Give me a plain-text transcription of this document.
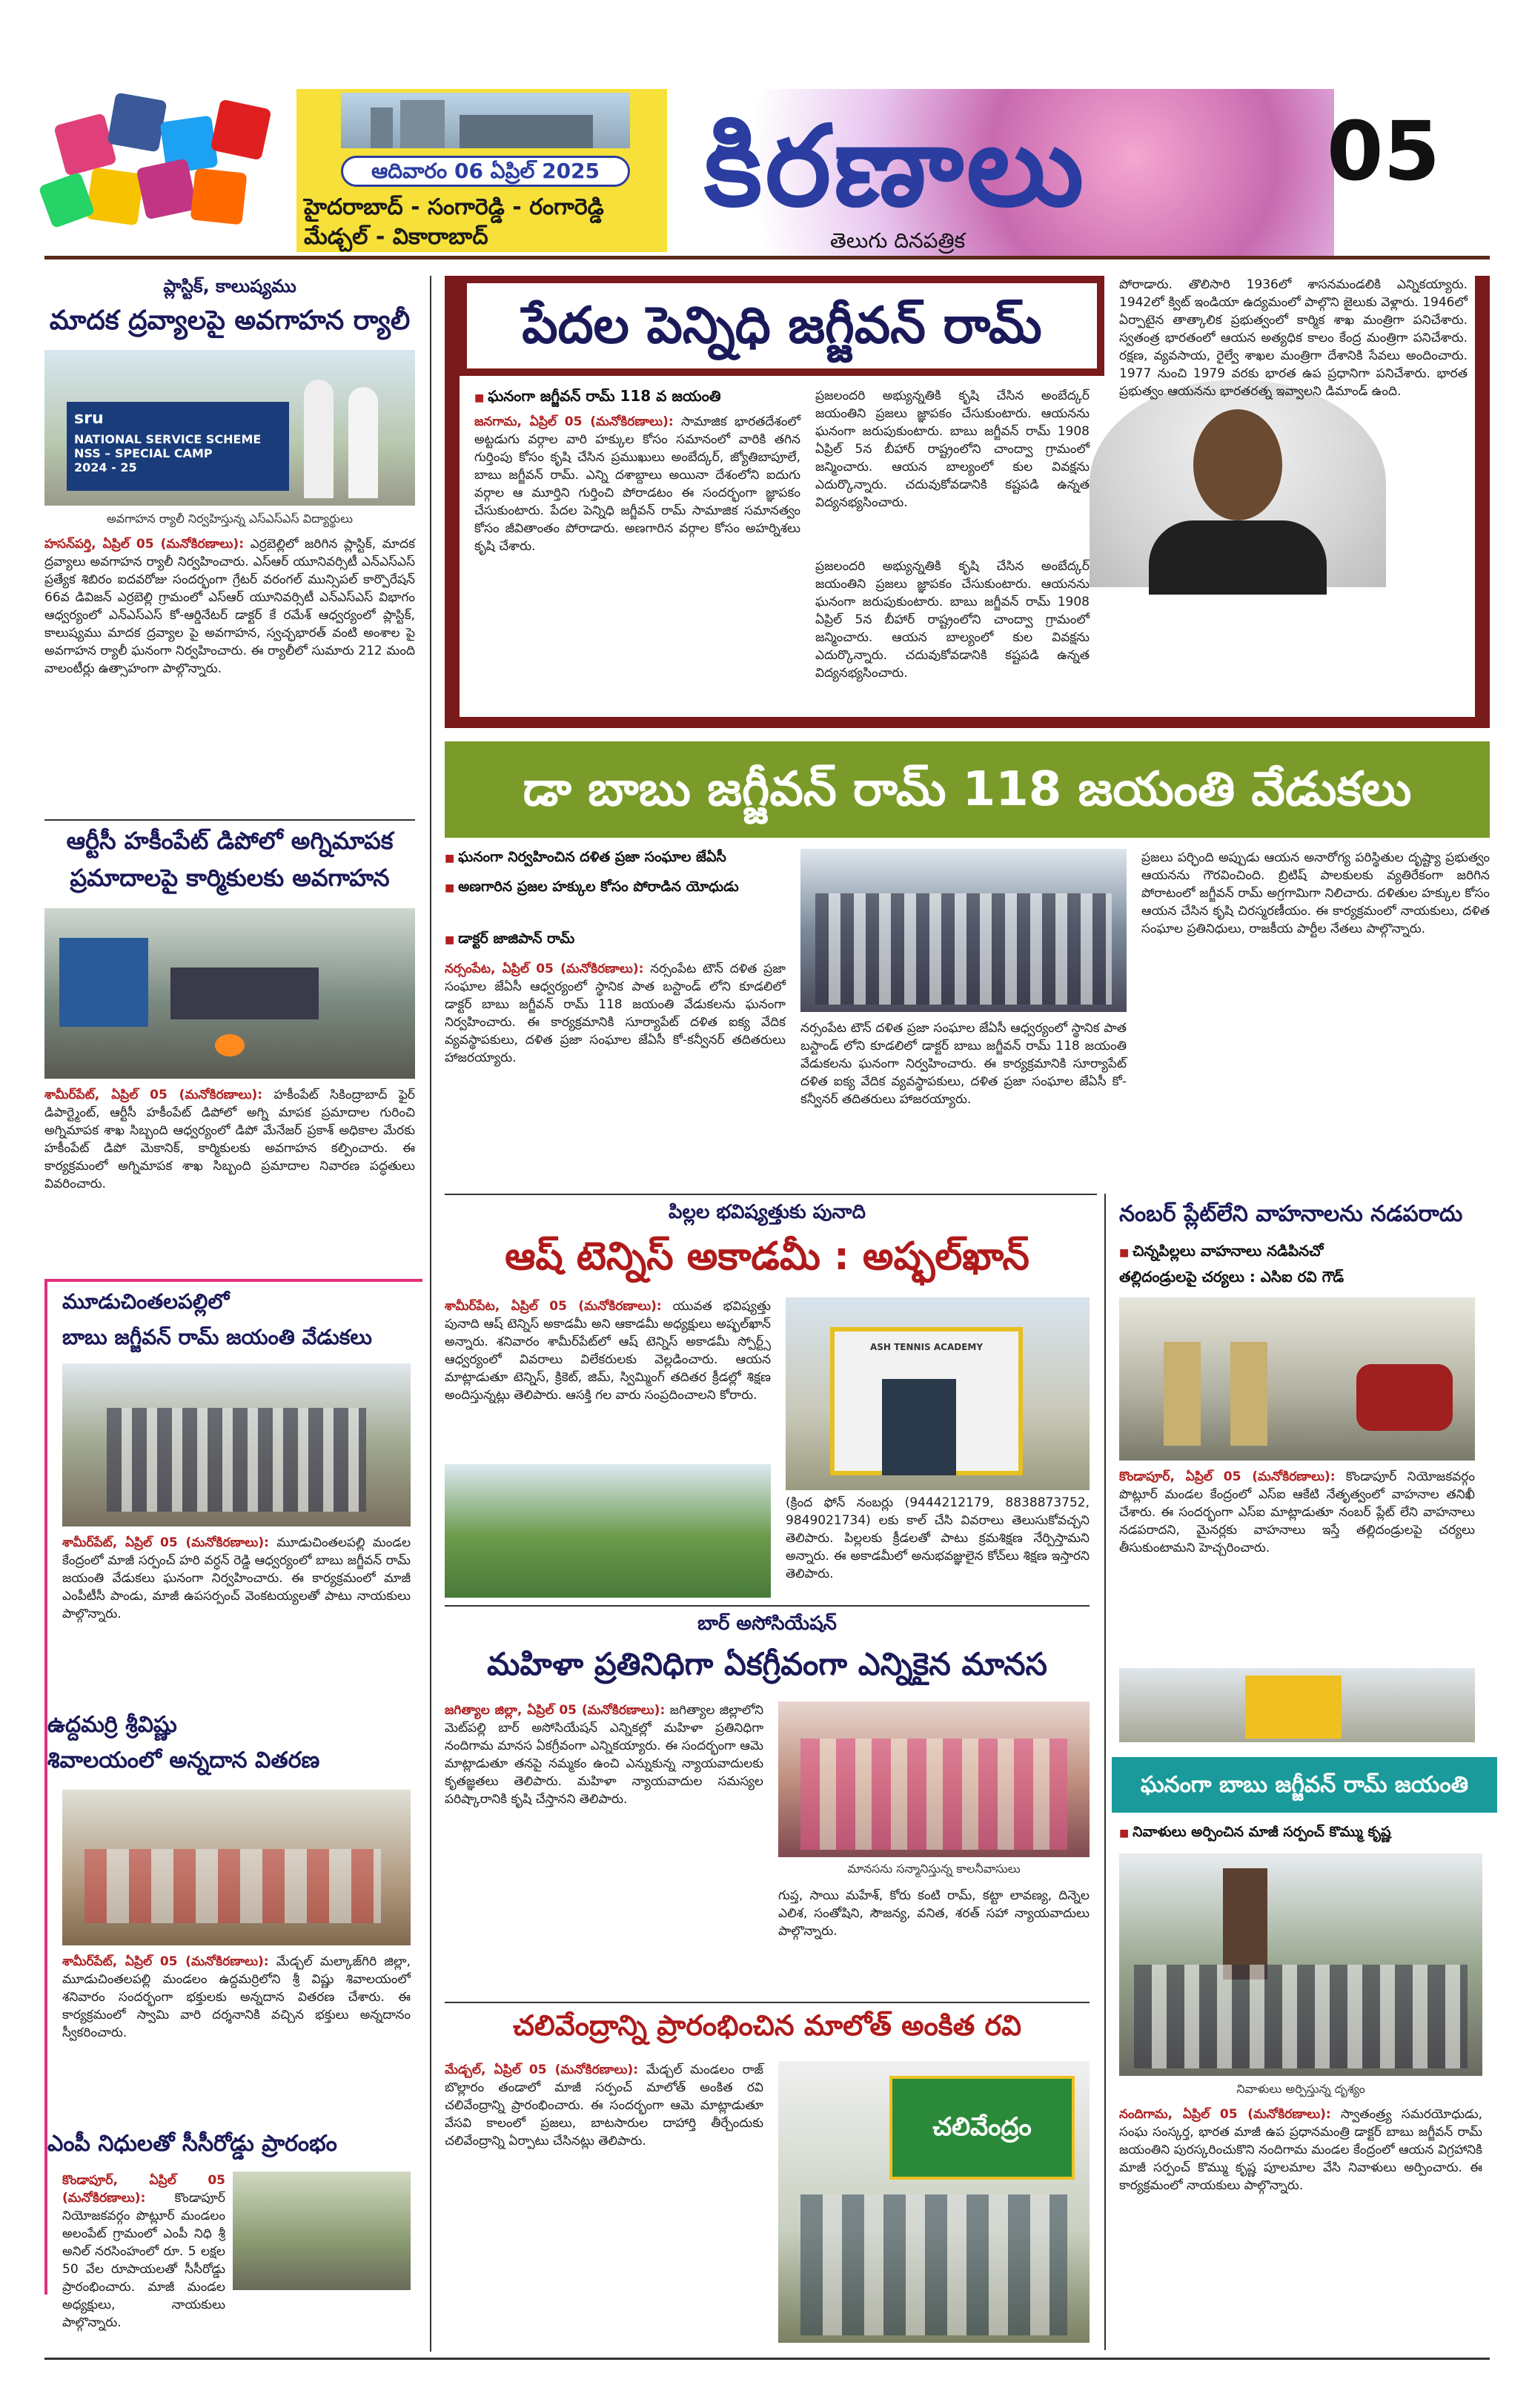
ఆదివారం 06 ఏప్రిల్ 2025
హైదరాబాద్ - సంగారెడ్డి - రంగారెడ్డి
మేడ్చల్ - వికారాబాద్
కిరణాలు
తెలుగు దినపత్రిక
05
ప్లాస్టిక్, కాలుష్యము
మాదక ద్రవ్యాలపై అవగాహన ర్యాలీ
sru
NATIONAL SERVICE SCHEME
NSS – SPECIAL CAMP
2024 - 25
అవగాహన ర్యాలీ నిర్వహిస్తున్న ఎస్ఎస్ఎస్ విద్యార్థులు
హసన్‌పర్తి, ఏప్రిల్ 05 (మనోకిరణాలు): ఎర్రబెల్లిలో జరిగిన ప్లాస్టిక్, మాదక ద్రవ్యాలు అవగాహన ర్యాలీ నిర్వహించారు. ఎస్ఆర్ యూనివర్సిటీ ఎన్ఎస్ఎస్ ప్రత్యేక శిబిరం ఐదవరోజు సందర్భంగా గ్రేటర్ వరంగల్ మున్సిపల్ కార్పొరేషన్ 66వ డివిజన్ ఎర్రబెల్లి గ్రామంలో ఎస్ఆర్ యూనివర్సిటీ ఎన్ఎస్ఎస్ విభాగం ఆధ్వర్యంలో ఎన్ఎస్ఎస్ కో-ఆర్డినేటర్ డాక్టర్ కే రమేశ్ ఆధ్వర్యంలో ప్లాస్టిక్, కాలుష్యము మాదక ద్రవ్యాల పై అవగాహన, స్వచ్ఛభారత్ వంటి అంశాల పై అవగాహన ర్యాలీ ఘనంగా నిర్వహించారు. ఈ ర్యాలీలో సుమారు 212 మంది వాలంటీర్లు ఉత్సాహంగా పాల్గొన్నారు.
ఆర్టీసీ హకీంపేట్ డిపోలో అగ్నిమాపక
ప్రమాదాలపై కార్మికులకు అవగాహన
శామీర్‌పేట్, ఏప్రిల్ 05 (మనోకిరణాలు): హకీంపేట్ సికింద్రాబాద్ ఫైర్ డిపార్ట్మెంట్, ఆర్టీసీ హకీంపేట్ డిపోలో అగ్ని మాపక ప్రమాదాల గురించి అగ్నిమాపక శాఖ సిబ్బంది ఆధ్వర్యంలో డిపో మేనేజర్ ప్రకాశ్ అధికాల మేరకు హకీంపేట్ డిపో మెకానిక్, కార్మికులకు అవగాహన కల్పించారు. ఈ కార్యక్రమంలో అగ్నిమాపక శాఖ సిబ్బంది ప్రమాదాల నివారణ పద్ధతులు వివరించారు.
మూడుచింతలపల్లిలో
బాబు జగ్జీవన్ రామ్ జయంతి వేడుకలు
శామీర్‌పేట్, ఏప్రిల్ 05 (మనోకిరణాలు): మూడుచింతలపల్లి మండల కేంద్రంలో మాజీ సర్పంచ్ హరి వర్ధన్ రెడ్డి ఆధ్వర్యంలో బాబు జగ్జీవన్ రామ్ జయంతి వేడుకలు ఘనంగా నిర్వహించారు. ఈ కార్యక్రమంలో మాజీ ఎంపీటీసీ పాండు, మాజీ ఉపసర్పంచ్ వెంకటయ్యలతో పాటు నాయకులు పాల్గొన్నారు.
ఉద్దమర్రి శ్రీవిష్ణు
శివాలయంలో అన్నదాన వితరణ
శామీర్‌పేట్, ఏప్రిల్ 05 (మనోకిరణాలు): మేడ్చల్ మల్కాజ్‌గిరి జిల్లా, మూడుచింతలపల్లి మండలం ఉద్దమర్రిలోని శ్రీ విష్ణు శివాలయంలో శనివారం సందర్భంగా భక్తులకు అన్నదాన వితరణ చేశారు. ఈ కార్యక్రమంలో స్వామి వారి దర్శనానికి వచ్చిన భక్తులు అన్నదానం స్వీకరించారు.
ఎంపీ నిధులతో సీసీరోడ్డు ప్రారంభం
కొండాపూర్, ఏప్రిల్ 05 (మనోకిరణాలు): కొండాపూర్ నియోజకవర్గం పొట్లూర్ మండలం అలంపేట్ గ్రామంలో ఎంపీ నిధి శ్రీ అనిల్ నరసింహంలో రూ. 5 లక్షల 50 వేల రూపాయలతో సీసీరోడ్డు ప్రారంభించారు. మాజీ మండల అధ్యక్షులు, నాయకులు పాల్గొన్నారు.
పేదల పెన్నిధి జగ్జీవన్ రామ్
■ ఘనంగా జగ్జీవన్ రామ్ 118 వ జయంతి
జనగామ, ఏప్రిల్ 05 (మనోకిరణాలు): సామాజిక భారతదేశంలో అట్టడుగు వర్గాల వారి హక్కుల కోసం సమానంలో వారికి తగిన గుర్తింపు కోసం కృషి చేసిన ప్రముఖులు అంబేద్కర్, జ్యోతిబాపూలే, బాబు జగ్జీవన్ రామ్. ఎన్ని దశాబ్దాలు అయినా దేశంలోని ఐదుగు వర్గాల ఆ మూర్తిని గుర్తించి పోరాడటం ఈ సందర్భంగా జ్ఞాపకం చేసుకుంటారు. పేదల పెన్నిధి జగ్జీవన్ రామ్ సామాజిక సమానత్వం కోసం జీవితాంతం పోరాడారు. అణగారిన వర్గాల కోసం అహర్నిశలు కృషి చేశారు.
ప్రజలందరి అభ్యున్నతికి కృషి చేసిన అంబేద్కర్ జయంతిని ప్రజలు జ్ఞాపకం చేసుకుంటారు. ఆయనను ఘనంగా జరుపుకుంటారు. బాబు జగ్జీవన్ రామ్ 1908 ఏప్రిల్ 5న బీహార్ రాష్ట్రంలోని చాంద్వా గ్రామంలో జన్మించారు. ఆయన బాల్యంలో కుల వివక్షను ఎదుర్కొన్నారు. చదువుకోవడానికి కష్టపడి ఉన్నత విద్యనభ్యసించారు.
ప్రజలందరి అభ్యున్నతికి కృషి చేసిన అంబేద్కర్ జయంతిని ప్రజలు జ్ఞాపకం చేసుకుంటారు. ఆయనను ఘనంగా జరుపుకుంటారు. బాబు జగ్జీవన్ రామ్ 1908 ఏప్రిల్ 5న బీహార్ రాష్ట్రంలోని చాంద్వా గ్రామంలో జన్మించారు. ఆయన బాల్యంలో కుల వివక్షను ఎదుర్కొన్నారు. చదువుకోవడానికి కష్టపడి ఉన్నత విద్యనభ్యసించారు.
పోరాడారు. తొలిసారి 1936లో శాసనమండలికి ఎన్నికయ్యారు. 1942లో క్విట్ ఇండియా ఉద్యమంలో పాల్గొని జైలుకు వెళ్లారు. 1946లో ఏర్పాటైన తాత్కాలిక ప్రభుత్వంలో కార్మిక శాఖ మంత్రిగా పనిచేశారు. స్వతంత్ర భారతంలో ఆయన అత్యధిక కాలం కేంద్ర మంత్రిగా పనిచేశారు. రక్షణ, వ్యవసాయ, రైల్వే శాఖల మంత్రిగా దేశానికి సేవలు అందించారు. 1977 నుంచి 1979 వరకు భారత ఉప ప్రధానిగా పనిచేశారు. భారత ప్రభుత్వం ఆయనను భారతరత్న ఇవ్వాలని డిమాండ్ ఉంది.
డా బాబు జగ్జీవన్ రామ్ 118 జయంతి వేడుకలు
■ ఘనంగా నిర్వహించిన దళిత ప్రజా సంఘాల జేఏసీ
■ అణగారిన ప్రజల హక్కుల కోసం పోరాడిన యోధుడు
■ డాక్టర్ జాజిపాన్ రామ్
నర్సంపేట, ఏప్రిల్ 05 (మనోకిరణాలు): నర్సంపేట టౌన్ దళిత ప్రజా సంఘాల జేఏసీ ఆధ్వర్యంలో స్థానిక పాత బస్టాండ్ లోని కూడలిలో డాక్టర్ బాబు జగ్జీవన్ రామ్ 118 జయంతి వేడుకలను ఘనంగా నిర్వహించారు. ఈ కార్యక్రమానికి సూర్యాపేట్ దళిత ఐక్య వేదిక వ్యవస్థాపకులు, దళిత ప్రజా సంఘాల జేఏసీ కో-కన్వీనర్ తదితరులు హాజరయ్యారు.
నర్సంపేట టౌన్ దళిత ప్రజా సంఘాల జేఏసీ ఆధ్వర్యంలో స్థానిక పాత బస్టాండ్ లోని కూడలిలో డాక్టర్ బాబు జగ్జీవన్ రామ్ 118 జయంతి వేడుకలను ఘనంగా నిర్వహించారు. ఈ కార్యక్రమానికి సూర్యాపేట్ దళిత ఐక్య వేదిక వ్యవస్థాపకులు, దళిత ప్రజా సంఘాల జేఏసీ కో-కన్వీనర్ తదితరులు హాజరయ్యారు.
ప్రజలు పర్ఛింది అప్పుడు ఆయన అనారోగ్య పరిస్థితుల దృష్ట్యా ప్రభుత్వం ఆయనను గౌరవించింది. బ్రిటిష్ పాలకులకు వ్యతిరేకంగా జరిగిన పోరాటంలో జగ్జీవన్ రామ్ అగ్రగామిగా నిలిచారు. దళితుల హక్కుల కోసం ఆయన చేసిన కృషి చిరస్మరణీయం. ఈ కార్యక్రమంలో నాయకులు, దళిత సంఘాల ప్రతినిధులు, రాజకీయ పార్టీల నేతలు పాల్గొన్నారు.
పిల్లల భవిష్యత్తుకు పునాది
ఆష్ టెన్నిస్ అకాడమీ : అష్ఫల్‌ఖాన్
శామీర్‌పేట, ఏప్రిల్ 05 (మనోకిరణాలు): యువత భవిష్యత్తు పునాది ఆష్ టెన్నిస్ అకాడమీ అని ఆకాడమీ అధ్యక్షులు అష్ఫల్‌ఖాన్ అన్నారు. శనివారం శామీర్‌పేట్‌లో ఆష్ టెన్నిస్ అకాడమీ స్పోర్ట్స్ ఆధ్వర్యంలో వివరాలు విలేకరులకు వెల్లడించారు. ఆయన మాట్లాడుతూ టెన్నిస్, క్రికెట్, జిమ్, స్విమ్మింగ్ తదితర క్రీడల్లో శిక్షణ అందిస్తున్నట్లు తెలిపారు. ఆసక్తి గల వారు సంప్రదించాలని కోరారు.
ASH TENNIS ACADEMY
(క్రింద ఫోన్ నంబర్లు (9444212179, 8838873752, 9849021734) లకు కాల్ చేసి వివరాలు తెలుసుకోవచ్చని తెలిపారు. పిల్లలకు క్రీడలతో పాటు క్రమశిక్షణ నేర్పిస్తామని అన్నారు. ఈ అకాడమీలో అనుభవజ్ఞులైన కోచ్‌లు శిక్షణ ఇస్తారని తెలిపారు.
బార్ అసోసియేషన్
మహిళా ప్రతినిధిగా ఏకగ్రీవంగా ఎన్నికైన మానస
జగిత్యాల జిల్లా, ఏప్రిల్ 05 (మనోకిరణాలు): జగిత్యాల జిల్లాలోని మెట్‌పల్లి బార్ అసోసియేషన్ ఎన్నికల్లో మహిళా ప్రతినిధిగా నందిగామ మానస ఏకగ్రీవంగా ఎన్నికయ్యారు. ఈ సందర్భంగా ఆమె మాట్లాడుతూ తనపై నమ్మకం ఉంచి ఎన్నుకున్న న్యాయవాదులకు కృతజ్ఞతలు తెలిపారు. మహిళా న్యాయవాదుల సమస్యల పరిష్కారానికి కృషి చేస్తానని తెలిపారు.
మానసను సన్మానిస్తున్న కాలనీవాసులు
గుప్త, సాయి మహేశ్, కోరు కంటి రామ్, కట్టా లావణ్య, దిన్నెల ఎలిశ, సంతోషిని, సౌజన్య, వనిత, శరత్ సహా న్యాయవాదులు పాల్గొన్నారు.
చలివేంద్రాన్ని ప్రారంభించిన మాలోత్ అంకిత రవి
మేడ్చల్, ఏప్రిల్ 05 (మనోకిరణాలు): మేడ్చల్ మండలం రాజ్ బొల్లారం తండాలో మాజీ సర్పంచ్ మాలోత్ అంకిత రవి చలివేంద్రాన్ని ప్రారంభించారు. ఈ సందర్భంగా ఆమె మాట్లాడుతూ వేసవి కాలంలో ప్రజలు, బాటసారుల దాహార్తి తీర్చేందుకు చలివేంద్రాన్ని ఏర్పాటు చేసినట్లు తెలిపారు.	చలివేంద్రం
నంబర్ ప్లేట్‌లేని వాహనాలను నడపరాదు
■ చిన్నపిల్లలు వాహనాలు నడిపినచో
తల్లిదండ్రులపై చర్యలు : ఎసిఐ రవి గౌడ్
కొండాపూర్, ఏప్రిల్ 05 (మనోకిరణాలు): కొండాపూర్ నియోజకవర్గం పొట్లూర్ మండల కేంద్రంలో ఎస్ఐ ఆకేటి నేతృత్వంలో వాహనాల తనిఖీ చేశారు. ఈ సందర్భంగా ఎస్ఐ మాట్లాడుతూ నంబర్ ప్లేట్ లేని వాహనాలు నడపరాదని, మైనర్లకు వాహనాలు ఇస్తే తల్లిదండ్రులపై చర్యలు తీసుకుంటామని హెచ్చరించారు.
ఘనంగా బాబు జగ్జీవన్ రామ్ జయంతి
■ నివాళులు అర్పించిన మాజీ సర్పంచ్ కొమ్ము కృష్ణ
నివాళులు అర్పిస్తున్న దృశ్యం
నందిగామ, ఏప్రిల్ 05 (మనోకిరణాలు): స్వాతంత్ర్య సమరయోధుడు, సంఘ సంస్కర్త, భారత మాజీ ఉప ప్రధానమంత్రి డాక్టర్ బాబు జగ్జీవన్ రామ్ జయంతిని పురస్కరించుకొని నందిగామ మండల కేంద్రంలో ఆయన విగ్రహానికి మాజీ సర్పంచ్ కొమ్ము కృష్ణ పూలమాల వేసి నివాళులు అర్పించారు. ఈ కార్యక్రమంలో నాయకులు పాల్గొన్నారు.
